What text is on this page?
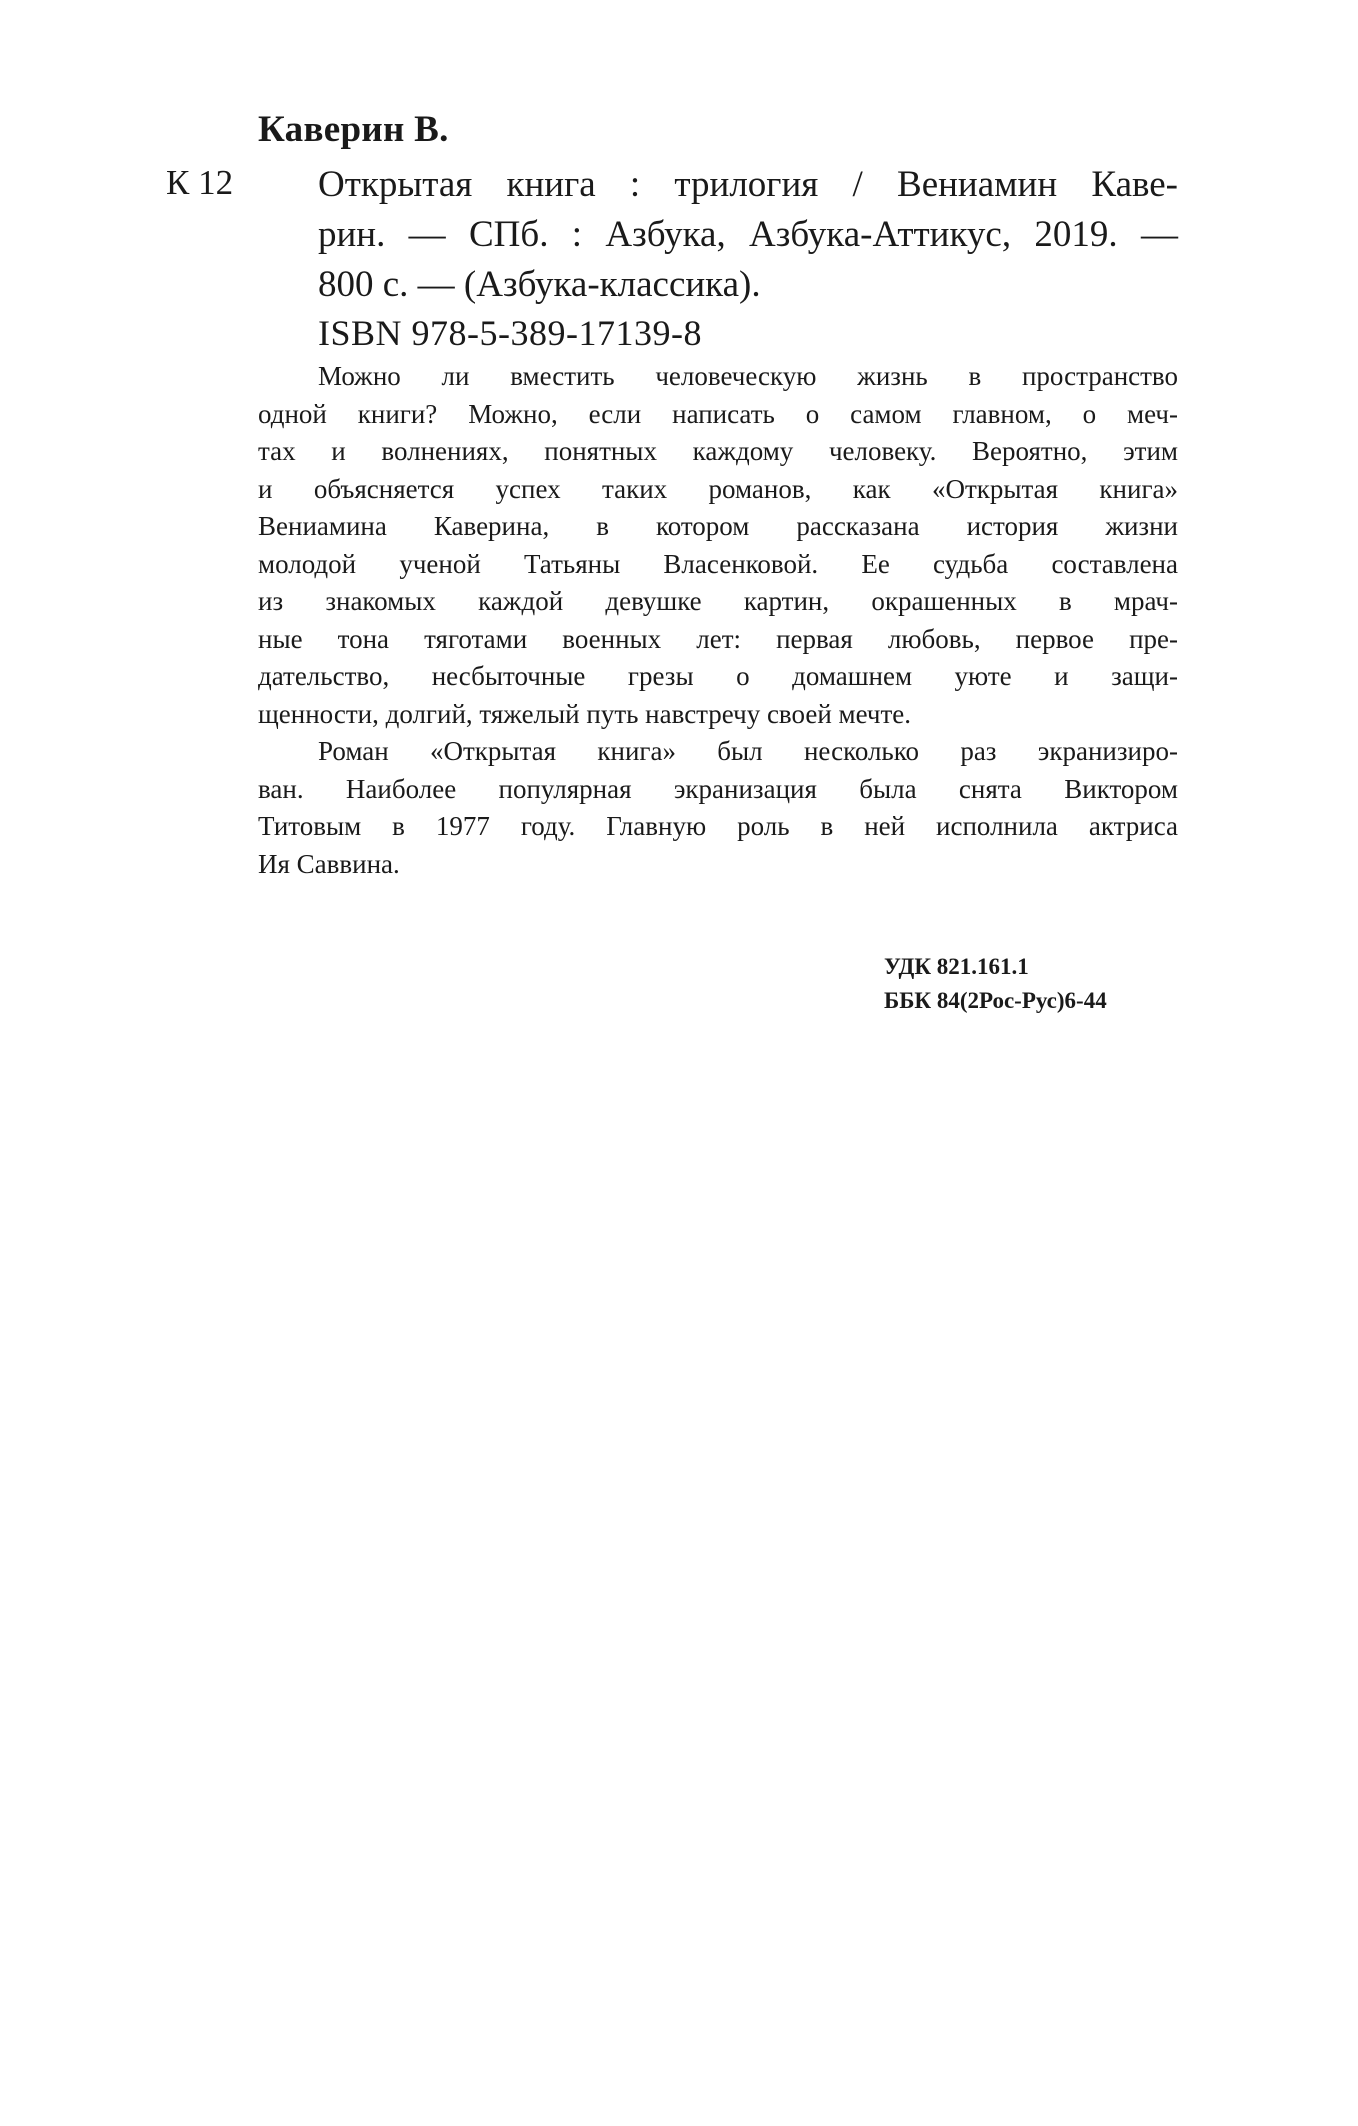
Каверин В.
К 12 Открытая книга : трилогия / Вениамин Каве-
рин. — СПб. : Азбука, Азбука-Аттикус, 2019. —
800 с. — (Азбука-классика).
ISBN 978-5-389-17139-8
Можно ли вместить человеческую жизнь в пространство
одной книги? Можно, если написать о самом главном, о меч-
тах и волнениях, понятных каждому человеку. Вероятно, этим
и объясняется успех таких романов, как «Открытая книга»
Вениамина Каверина, в котором рассказана история жизни
молодой ученой Татьяны Власенковой. Ее судьба составлена
из знакомых каждой девушке картин, окрашенных в мрач-
ные тона тяготами военных лет: первая любовь, первое пре-
дательство, несбыточные грезы о домашнем уюте и защи-
щенности, долгий, тяжелый путь навстречу своей мечте.
Роман «Открытая книга» был несколько раз экранизиро-
ван. Наиболее популярная экранизация была снята Виктором
Титовым в 1977 году. Главную роль в ней исполнила актриса
Ия Саввина.
УДК 821.161.1
ББК 84(2Рос-Рус)6-44
